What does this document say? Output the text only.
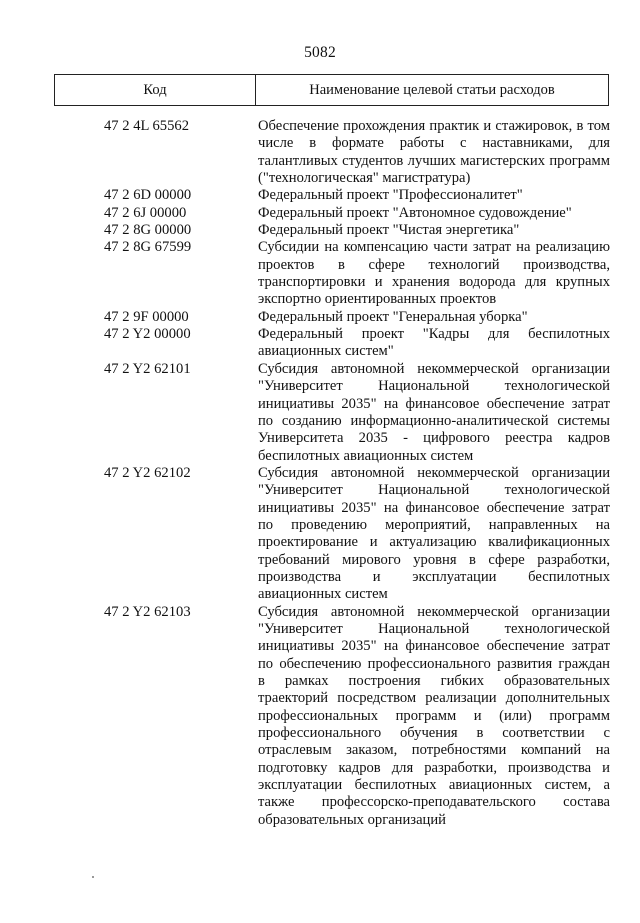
5082
Код	Наименование целевой статьи расходов
47 2 4L 65562	Обеспечение прохождения практик и стажировок, в том числе в формате работы с наставниками, для талантливых студентов лучших магистерских программ ("технологическая" магистратура)
47 2 6D 00000	Федеральный проект "Профессионалитет"
47 2 6J 00000	Федеральный проект "Автономное судовождение"
47 2 8G 00000	Федеральный проект "Чистая энергетика"
47 2 8G 67599	Субсидии на компенсацию части затрат на реализацию проектов в сфере технологий производства, транспортировки и хранения водорода для крупных экспортно ориентированных проектов
47 2 9F 00000	Федеральный проект "Генеральная уборка"
47 2 Y2 00000	Федеральный проект "Кадры для беспилотных авиационных систем"
47 2 Y2 62101	Субсидия автономной некоммерческой организации "Университет Национальной технологической инициативы 2035" на финансовое обеспечение затрат по созданию информационно-аналитической системы Университета 2035 - цифрового реестра кадров беспилотных авиационных систем
47 2 Y2 62102	Субсидия автономной некоммерческой организации "Университет Национальной технологической инициативы 2035" на финансовое обеспечение затрат по проведению мероприятий, направленных на проектирование и актуализацию квалификационных требований мирового уровня в сфере разработки, производства и эксплуатации беспилотных авиационных систем
47 2 Y2 62103	Субсидия автономной некоммерческой организации "Университет Национальной технологической инициативы 2035" на финансовое обеспечение затрат по обеспечению профессионального развития граждан в рамках построения гибких образовательных траекторий посредством реализации дополнительных профессиональных программ и (или) программ профессионального обучения в соответствии с отраслевым заказом, потребностями компаний на подготовку кадров для разработки, производства и эксплуатации беспилотных авиационных систем, а также профессорско-преподавательского состава образовательных организаций
